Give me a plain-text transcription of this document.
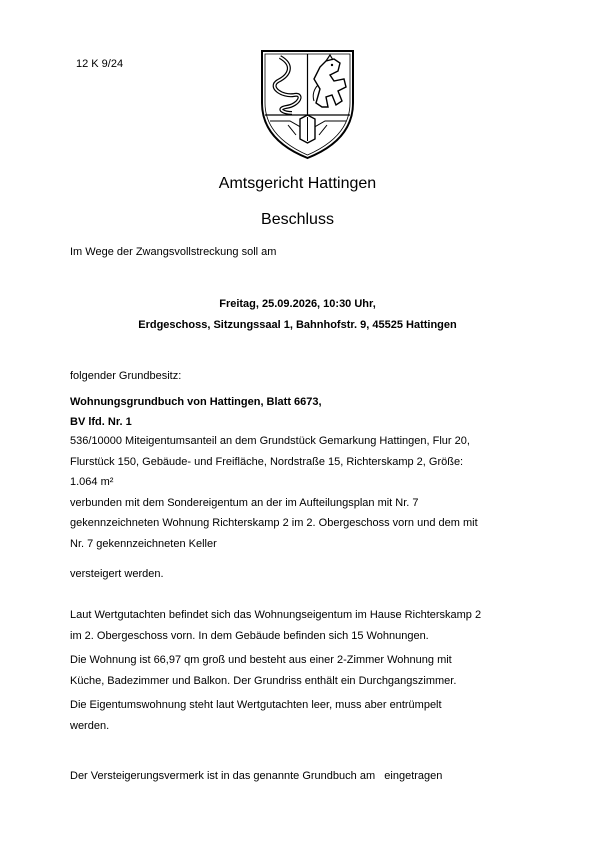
12 K 9/24
Amtsgericht Hattingen
Beschluss
Im Wege der Zwangsvollstreckung soll am
Freitag, 25.09.2026, 10:30 Uhr,
Erdgeschoss, Sitzungssaal 1, Bahnhofstr. 9, 45525 Hattingen
folgender Grundbesitz:
Wohnungsgrundbuch von Hattingen, Blatt 6673,
BV lfd. Nr. 1
536/10000 Miteigentumsanteil an dem Grundstück Gemarkung Hattingen, Flur 20,
Flurstück 150, Gebäude- und Freifläche, Nordstraße 15, Richterskamp 2, Größe:
1.064 m²
verbunden mit dem Sondereigentum an der im Aufteilungsplan mit Nr. 7
gekennzeichneten Wohnung Richterskamp 2 im 2. Obergeschoss vorn und dem mit
Nr. 7 gekennzeichneten Keller
versteigert werden.
Laut Wertgutachten befindet sich das Wohnungseigentum im Hause Richterskamp 2
im 2. Obergeschoss vorn. In dem Gebäude befinden sich 15 Wohnungen.
Die Wohnung ist 66,97 qm groß und besteht aus einer 2-Zimmer Wohnung mit
Küche, Badezimmer und Balkon. Der Grundriss enthält ein Durchgangszimmer.
Die Eigentumswohnung steht laut Wertgutachten leer, muss aber entrümpelt
werden.
Der Versteigerungsvermerk ist in das genannte Grundbuch am   eingetragen
